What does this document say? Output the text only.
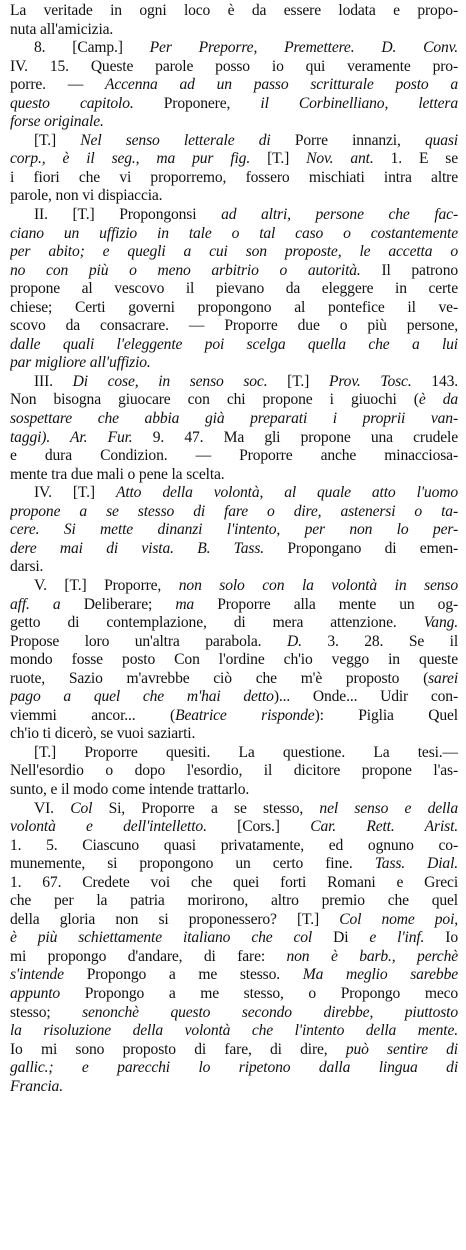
La veritade in ogni loco è da essere lodata e propo-
nuta all'amicizia.
8. [Camp.] Per Preporre, Premettere. D. Conv.
IV. 15. Queste parole posso io qui veramente pro-
porre. — Accenna ad un passo scritturale posto a
questo capitolo. Proponere, il Corbinelliano, lettera
forse originale.
[T.] Nel senso letterale di Porre innanzi, quasi
corp., è il seg., ma pur fig. [T.] Nov. ant. 1. E se
i fiori che vi proporremo, fossero mischiati intra altre
parole, non vi dispiaccia.
II. [T.] Propongonsi ad altri, persone che fac-
ciano un uffizio in tale o tal caso o costantemente
per abito; e quegli a cui son proposte, le accetta o
no con più o meno arbitrio o autorità. Il patrono
propone al vescovo il pievano da eleggere in certe
chiese; Certi governi propongono al pontefice il ve-
scovo da consacrare. — Proporre due o più persone,
dalle quali l'eleggente poi scelga quella che a lui
par migliore all'uffizio.
III. Di cose, in senso soc. [T.] Prov. Tosc. 143.
Non bisogna giuocare con chi propone i giuochi (è da
sospettare che abbia già preparati i proprii van-
taggi). Ar. Fur. 9. 47. Ma gli propone una crudele
e dura Condizion. — Proporre anche minacciosa-
mente tra due mali o pene la scelta.
IV. [T.] Atto della volontà, al quale atto l'uomo
propone a se stesso di fare o dire, astenersi o ta-
cere. Si mette dinanzi l'intento, per non lo per-
dere mai di vista. B. Tass. Propongano di emen-
darsi.
V. [T.] Proporre, non solo con la volontà in senso
aff. a Deliberare; ma Proporre alla mente un og-
getto di contemplazione, di mera attenzione. Vang.
Propose loro un'altra parabola. D. 3. 28. Se il
mondo fosse posto Con l'ordine ch'io veggo in queste
ruote, Sazio m'avrebbe ciò che m'è proposto (sarei
pago a quel che m'hai detto)... Onde... Udir con-
viemmi ancor... (Beatrice risponde): Piglia Quel
ch'io ti dicerò, se vuoi saziarti.
[T.] Proporre quesiti. La questione. La tesi.—
Nell'esordio o dopo l'esordio, il dicitore propone l'as-
sunto, e il modo come intende trattarlo.
VI. Col Si, Proporre a se stesso, nel senso e della
volontà e dell'intelletto. [Cors.] Car. Rett. Arist.
1. 5. Ciascuno quasi privatamente, ed ognuno co-
munemente, si propongono un certo fine. Tass. Dial.
1. 67. Credete voi che quei forti Romani e Greci
che per la patria morirono, altro premio che quel
della gloria non si proponessero? [T.] Col nome poi,
è più schiettamente italiano che col Di e l'inf. Io
mi propongo d'andare, di fare: non è barb., perchè
s'intende Propongo a me stesso. Ma meglio sarebbe
appunto Propongo a me stesso, o Propongo meco
stesso; senonchè questo secondo direbbe, piuttosto
la risoluzione della volontà che l'intento della mente.
Io mi sono proposto di fare, di dire, può sentire di
gallic.; e parecchi lo ripetono dalla lingua di
Francia.
